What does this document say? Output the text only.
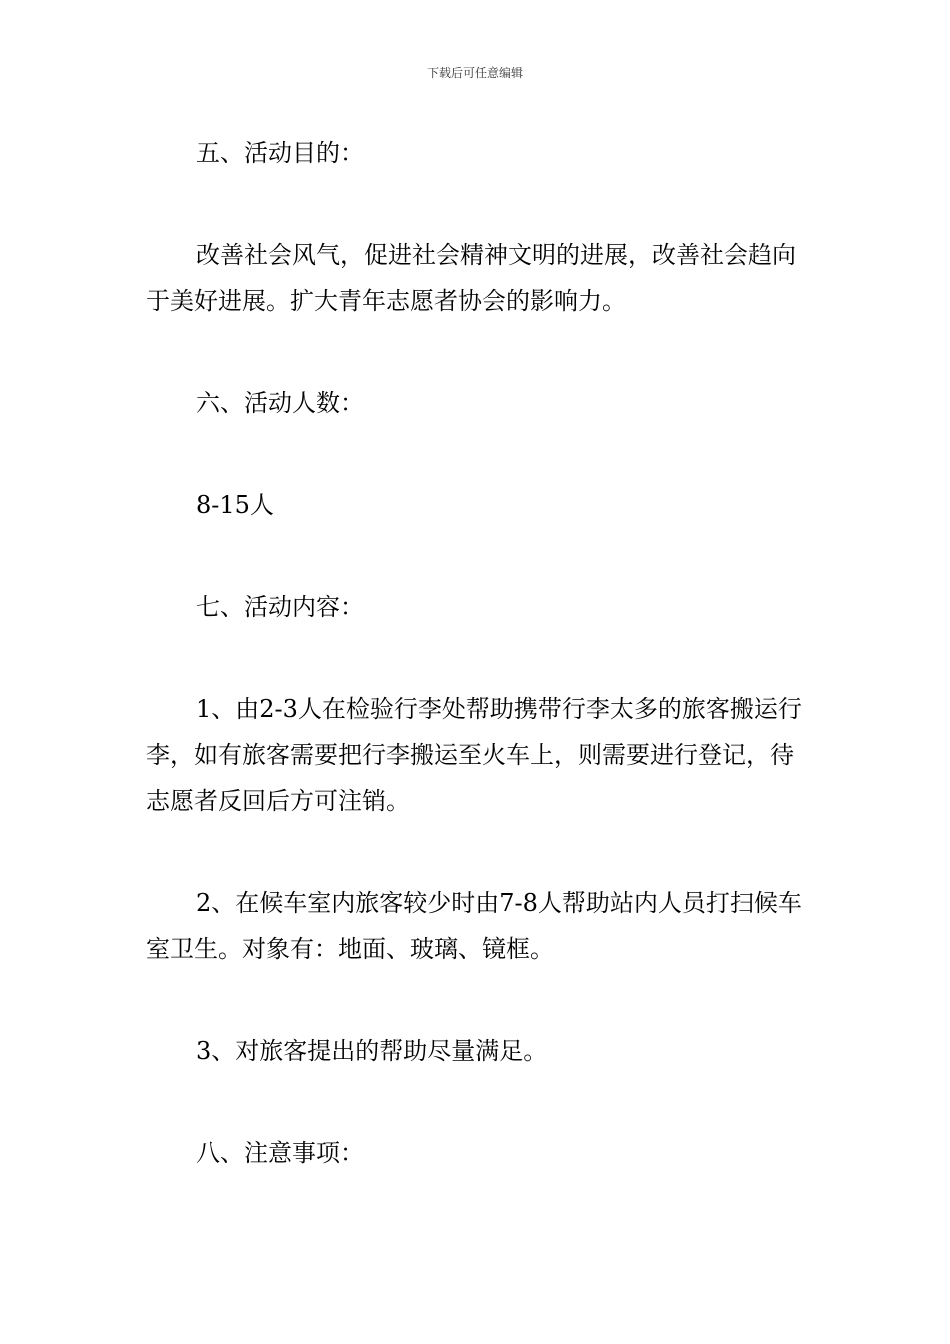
下载后可任意编辑

五、活动目的：

改善社会风气，促进社会精神文明的进展，改善社会趋向于美好进展。扩大青年志愿者协会的影响力。

六、活动人数：

8-15人

七、活动内容：

1、由2-3人在检验行李处帮助携带行李太多的旅客搬运行李，如有旅客需要把行李搬运至火车上，则需要进行登记，待志愿者反回后方可注销。

2、在候车室内旅客较少时由7-8人帮助站内人员打扫候车室卫生。对象有：地面、玻璃、镜框。

3、对旅客提出的帮助尽量满足。

八、注意事项：
